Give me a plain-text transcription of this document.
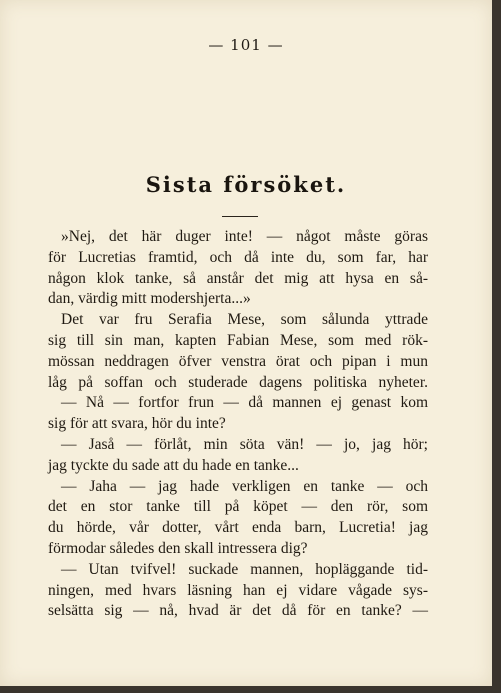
— 101 —
Sista försöket.
»Nej, det här duger inte! — något måste göras
för Lucretias framtid, och då inte du, som far, har
någon klok tanke, så anstår det mig att hysa en så-
dan, värdig mitt modershjerta...»
Det var fru Serafia Mese, som sålunda yttrade
sig till sin man, kapten Fabian Mese, som med rök-
mössan neddragen öfver venstra örat och pipan i mun
låg på soffan och studerade dagens politiska nyheter.
— Nå — fortfor frun — då mannen ej genast kom
sig för att svara, hör du inte?
— Jaså — förlåt, min söta vän! — jo, jag hör;
jag tyckte du sade att du hade en tanke...
— Jaha — jag hade verkligen en tanke — och
det en stor tanke till på köpet — den rör, som
du hörde, vår dotter, vårt enda barn, Lucretia! jag
förmodar således den skall intressera dig?
— Utan tvifvel! suckade mannen, hopläggande tid-
ningen, med hvars läsning han ej vidare vågade sys-
selsätta sig — nå, hvad är det då för en tanke? —
